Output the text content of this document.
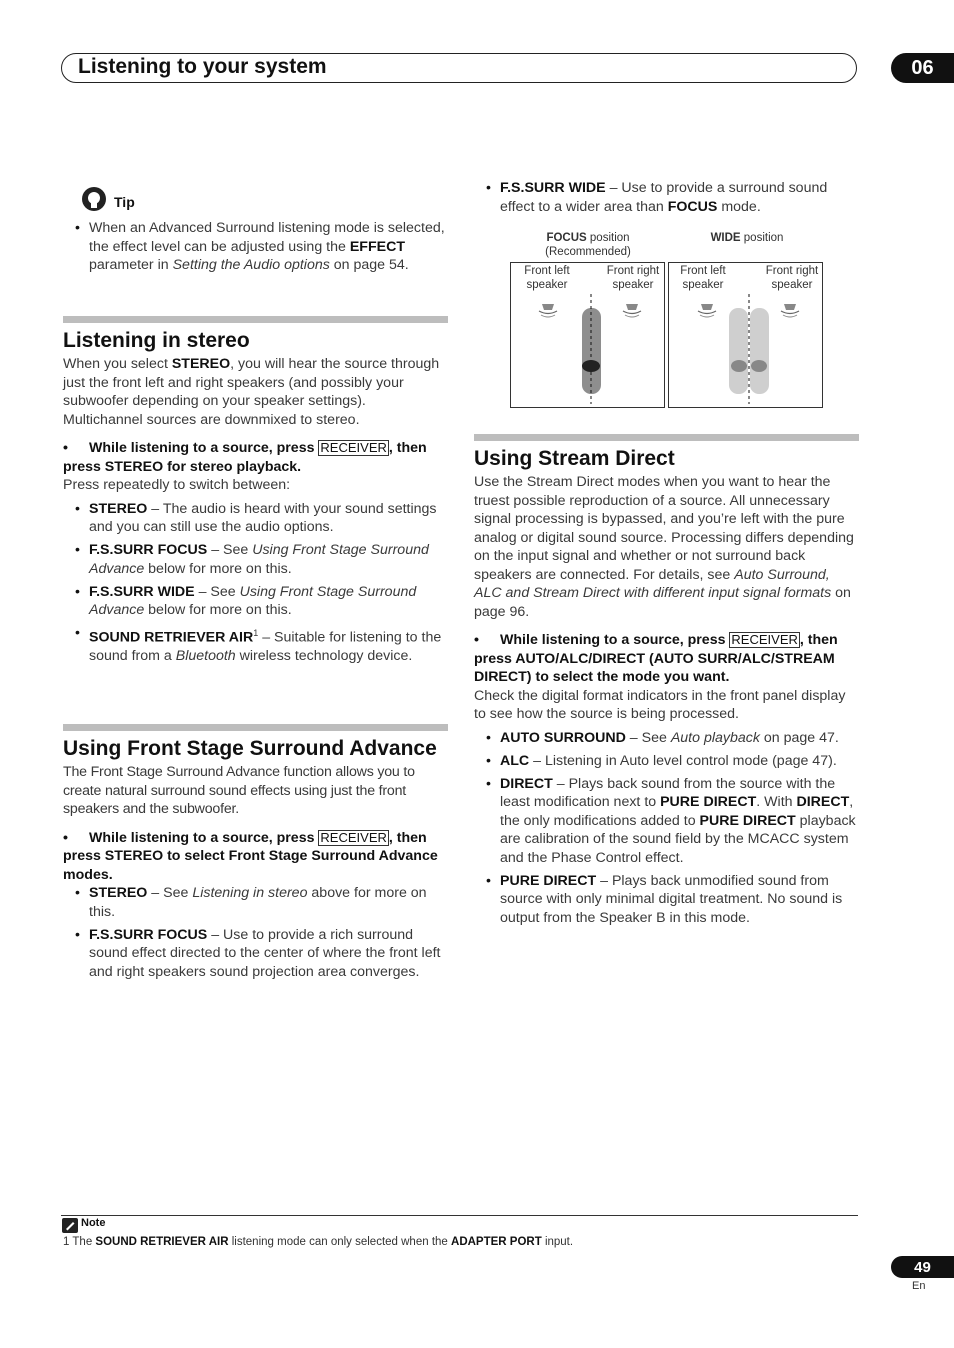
Listening to your system	06
Tip
• When an Advanced Surround listening mode is selected, the effect level can be adjusted using the EFFECT parameter in Setting the Audio options on page 54.
Listening in stereo

When you select STEREO, you will hear the source through just the front left and right speakers (and possibly your subwoofer depending on your speaker settings). Multichannel sources are downmixed to stereo.

• While listening to a source, press RECEIVER , then press STEREO for stereo playback.

Press repeatedly to switch between:

• STEREO – The audio is heard with your sound settings and you can still use the audio options.
• F.S.SURR FOCUS – See Using Front Stage Surround Advance below for more on this.
• F.S.SURR WIDE – See Using Front Stage Surround Advance below for more on this.
• SOUND RETRIEVER AIR$^1$ – Suitable for listening to the sound from a Bluetooth wireless technology device.
Using Front Stage Surround Advance

The Front Stage Surround Advance function allows you to create natural surround sound effects using just the front speakers and the subwoofer.

• While listening to a source, press RECEIVER , then press STEREO to select Front Stage Surround Advance modes.

• STEREO – See Listening in stereo above for more on this.
• F.S.SURR FOCUS – Use to provide a rich surround sound effect directed to the center of where the front left and right speakers sound projection area converges.
• F.S.SURR WIDE – Use to provide a surround sound effect to a wider area than FOCUS mode.
FOCUS position
(Recommended)
WIDE position
Front left
speaker
Front right
speaker
Front left
speaker
Front right
speaker
Using Stream Direct

Use the Stream Direct modes when you want to hear the truest possible reproduction of a source. All unnecessary signal processing is bypassed, and you’re left with the pure analog or digital sound source. Processing differs depending on the input signal and whether or not surround back speakers are connected. For details, see Auto Surround, ALC and Stream Direct with different input signal formats on page 96.

• While listening to a source, press RECEIVER , then press AUTO/ALC/DIRECT (AUTO SURR/ALC/STREAM DIRECT) to select the mode you want.

Check the digital format indicators in the front panel display to see how the source is being processed.

• AUTO SURROUND – See Auto playback on page 47.
• ALC – Listening in Auto level control mode (page 47).
• DIRECT – Plays back sound from the source with the least modification next to PURE DIRECT. With DIRECT, the only modifications added to PURE DIRECT playback are calibration of the sound field by the MCACC system and the Phase Control effect.
• PURE DIRECT – Plays back unmodified sound from source with only minimal digital treatment. No sound is output from the Speaker B in this mode.
Note
1 The SOUND RETRIEVER AIR listening mode can only selected when the ADAPTER PORT input.
49
En
